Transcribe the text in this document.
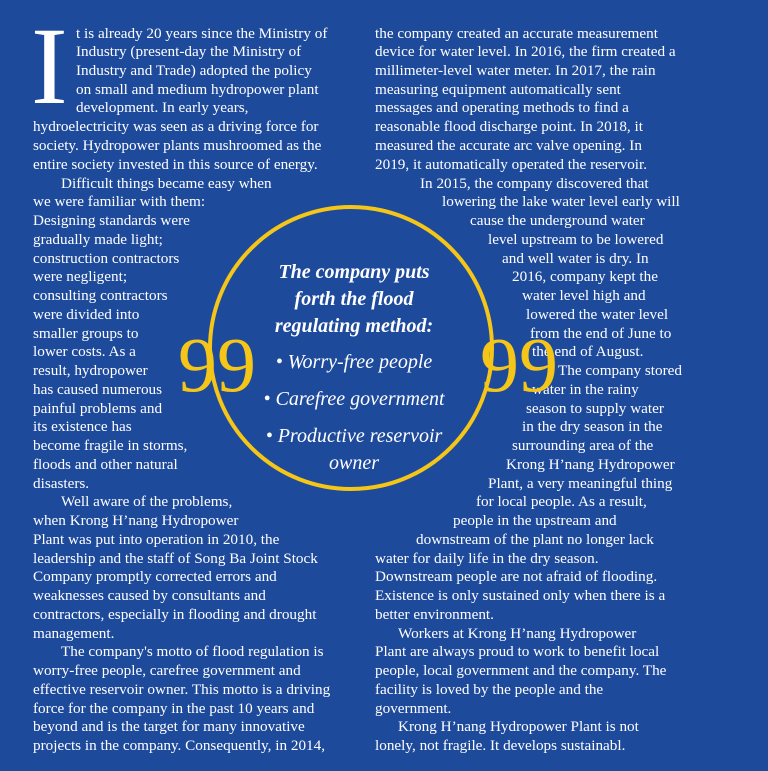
I t is already 20 years since the Ministry of
Industry (present-day the Ministry of
Industry and Trade) adopted the policy
on small and medium hydropower plant
development. In early years,
hydroelectricity was seen as a driving force for
society. Hydropower plants mushroomed as the
entire society invested in this source of energy.
Difficult things became easy when
we were familiar with them:
Designing standards were
gradually made light;
construction contractors
were negligent;
consulting contractors
were divided into
smaller groups to
lower costs. As a
result, hydropower
has caused numerous
painful problems and
its existence has
become fragile in storms,
floods and other natural
disasters.
Well aware of the problems,
when Krong H’nang Hydropower
Plant was put into operation in 2010, the
leadership and the staff of Song Ba Joint Stock
Company promptly corrected errors and
weaknesses caused by consultants and
contractors, especially in flooding and drought
management.
The company's motto of flood regulation is
worry-free people, carefree government and
effective reservoir owner. This motto is a driving
force for the company in the past 10 years and
beyond and is the target for many innovative
projects in the company. Consequently, in 2014,
the company created an accurate measurement
device for water level. In 2016, the firm created a
millimeter-level water meter. In 2017, the rain
measuring equipment automatically sent
messages and operating methods to find a
reasonable flood discharge point. In 2018, it
measured the accurate arc valve opening. In
2019, it automatically operated the reservoir.
In 2015, the company discovered that
lowering the lake water level early will
cause the underground water
level upstream to be lowered
and well water is dry. In
2016, company kept the
water level high and
lowered the water level
from the end of June to
the end of August.
The company stored
water in the rainy
season to supply water
in the dry season in the
surrounding area of the
Krong H’nang Hydropower
Plant, a very meaningful thing
for local people. As a result,
people in the upstream and
downstream of the plant no longer lack
water for daily life in the dry season.
Downstream people are not afraid of flooding.
Existence is only sustained only when there is a
better environment.
Workers at Krong H’nang Hydropower
Plant are always proud to work to benefit local
people, local government and the company. The
facility is loved by the people and the
government.
Krong H’nang Hydropower Plant is not
lonely, not fragile. It develops sustainabl.
99	99
The company puts
forth the flood
regulating method:
• Worry-free people
• Carefree government
• Productive reservoir
owner
